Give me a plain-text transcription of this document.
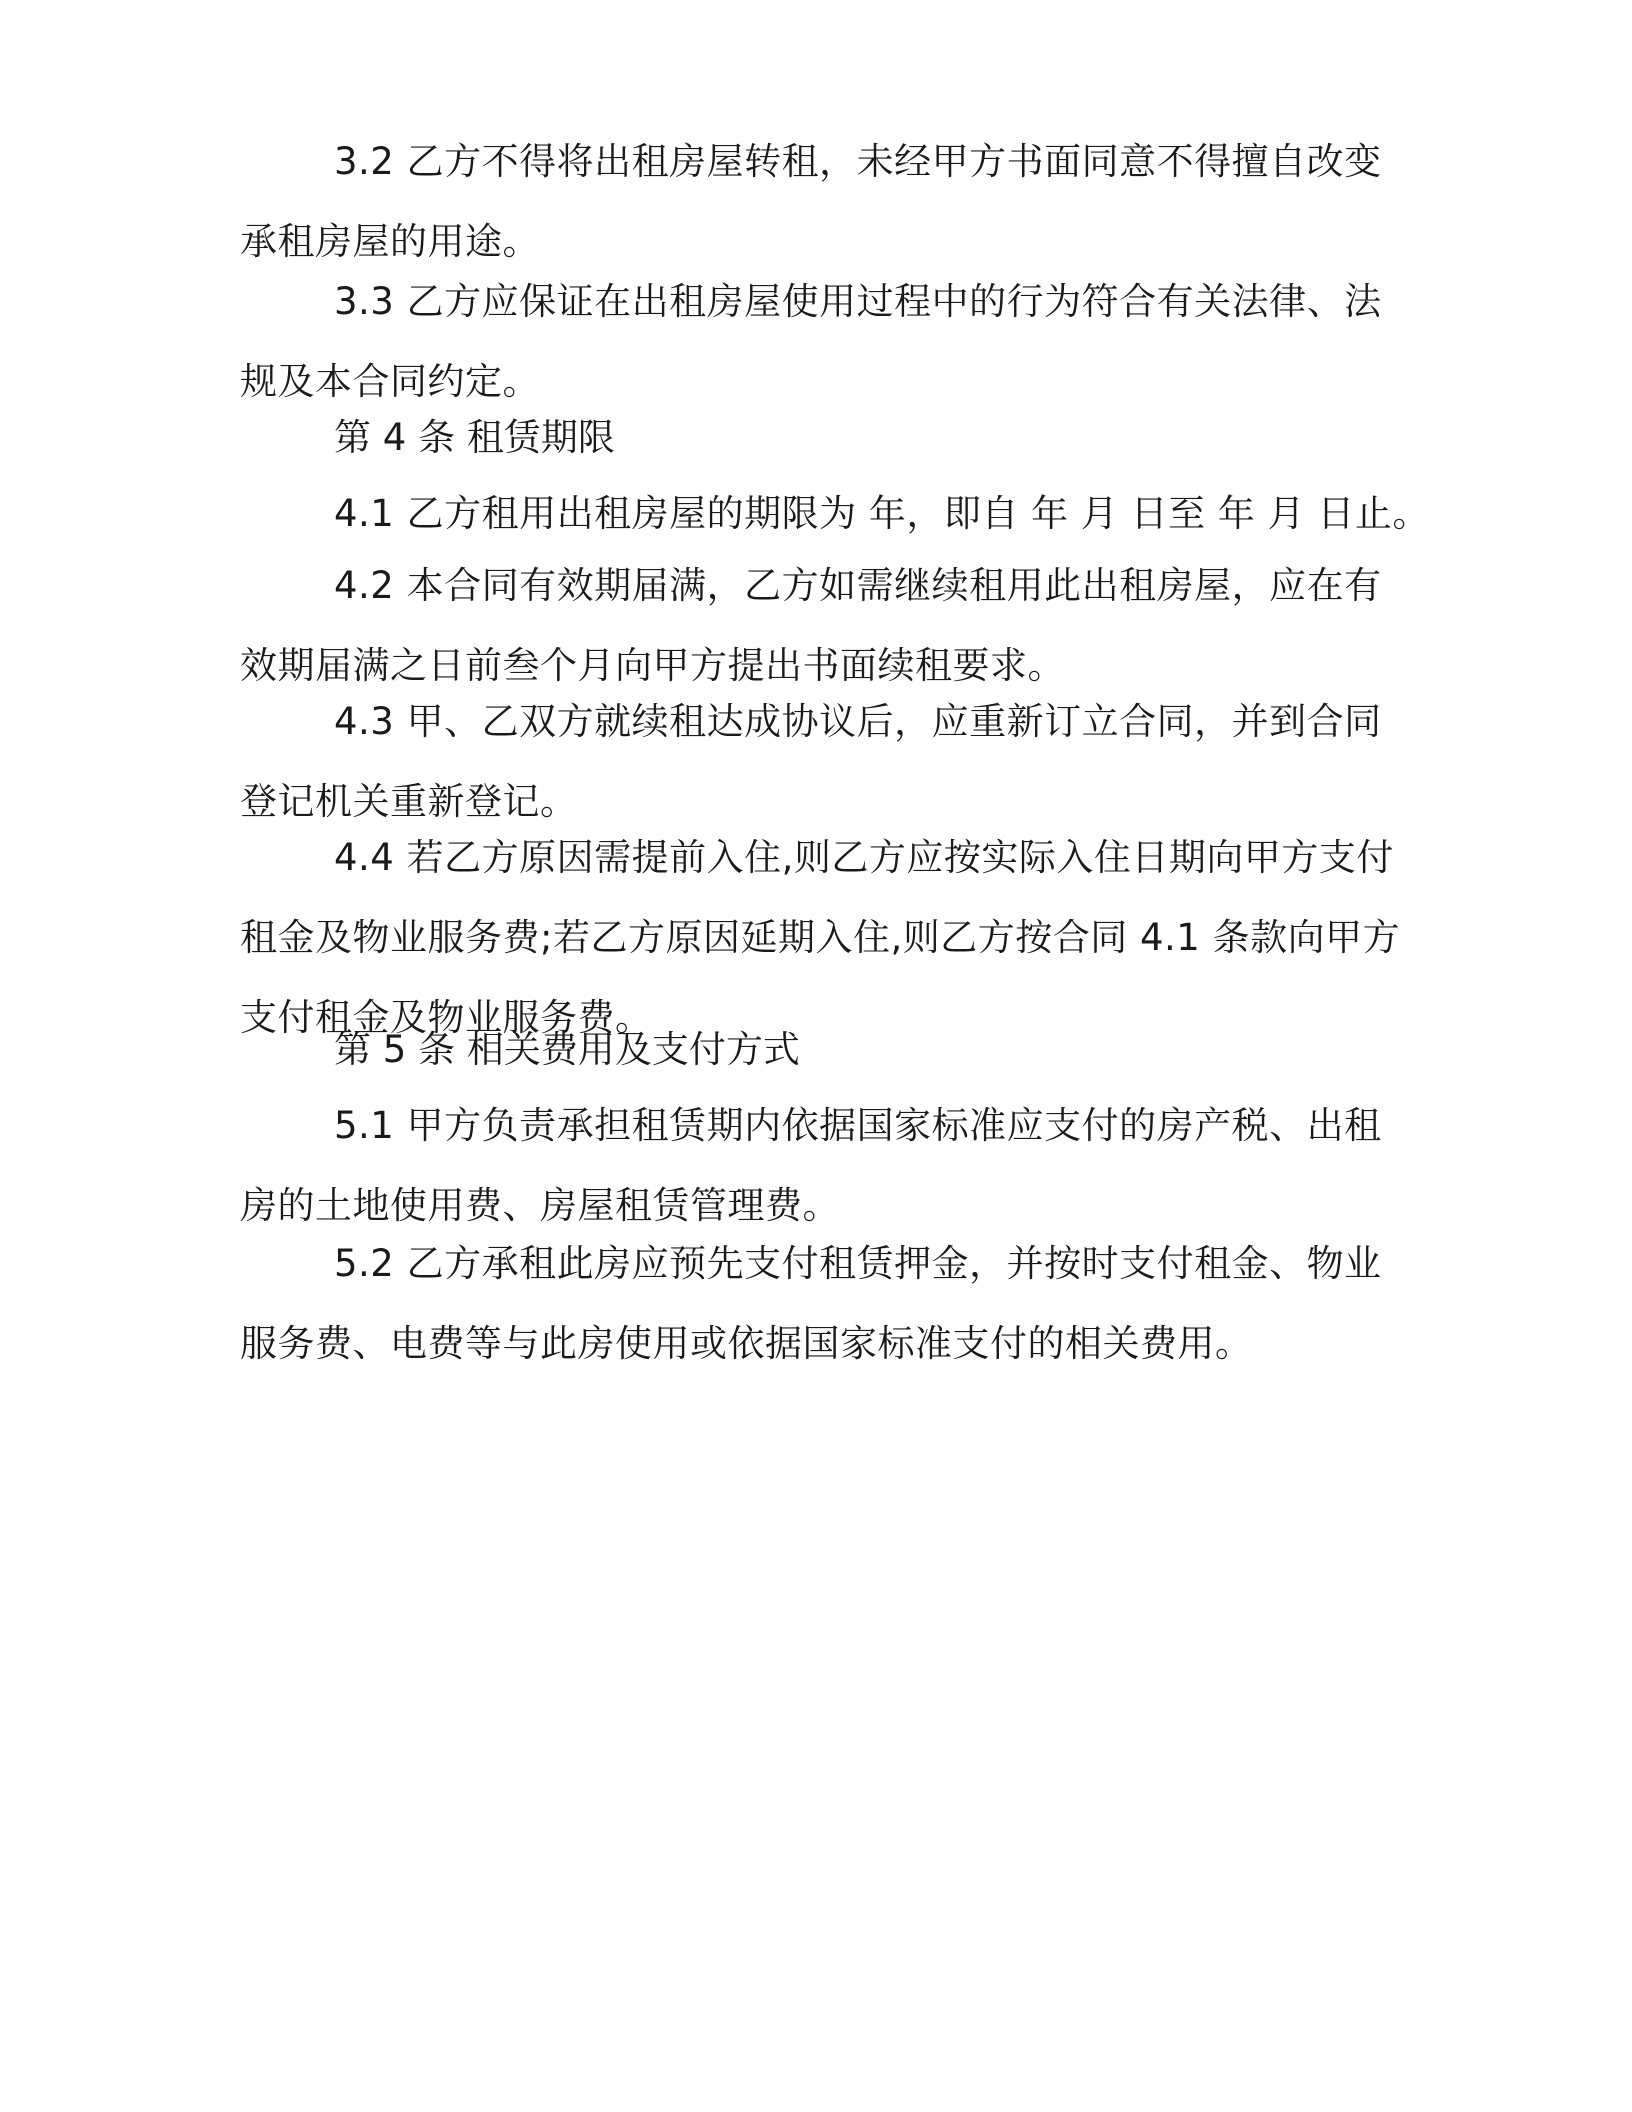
3.2 乙方不得将出租房屋转租，未经甲方书面同意不得擅自改变
承租房屋的用途。

3.3 乙方应保证在出租房屋使用过程中的行为符合有关法律、法
规及本合同约定。

第 4 条 租赁期限

4.1 乙方租用出租房屋的期限为 年，即自 年 月 日至 年 月 日止。

4.2 本合同有效期届满，乙方如需继续租用此出租房屋，应在有
效期届满之日前叁个月向甲方提出书面续租要求。

4.3 甲、乙双方就续租达成协议后，应重新订立合同，并到合同
登记机关重新登记。

4.4 若乙方原因需提前入住,则乙方应按实际入住日期向甲方支付
租金及物业服务费;若乙方原因延期入住,则乙方按合同 4.1 条款向甲方
支付租金及物业服务费。

第 5 条 相关费用及支付方式

5.1 甲方负责承担租赁期内依据国家标准应支付的房产税、出租
房的土地使用费、房屋租赁管理费。

5.2 乙方承租此房应预先支付租赁押金，并按时支付租金、物业
服务费、电费等与此房使用或依据国家标准支付的相关费用。
